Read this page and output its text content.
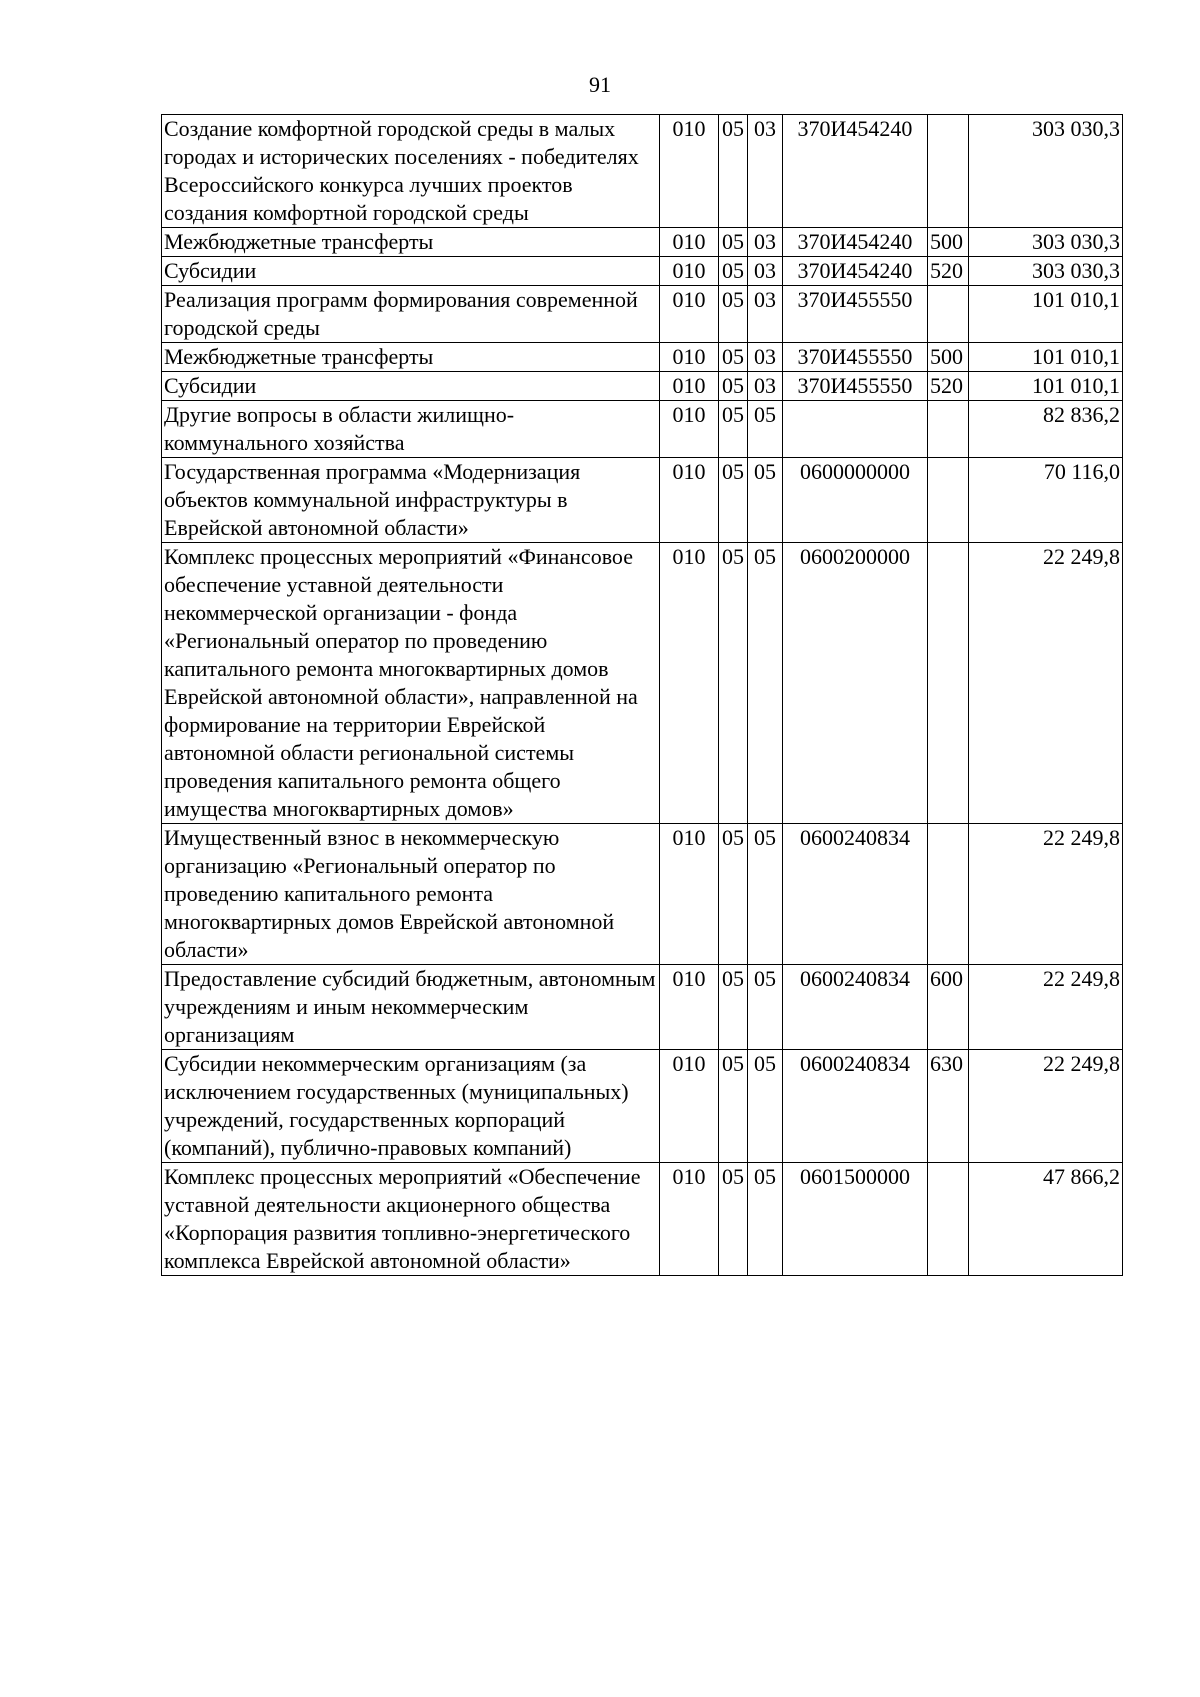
91
Создание комфортной городской среды в малых городах и исторических поселениях - победителях Всероссийского конкурса лучших проектов создания комфортной городской среды	010	05	03	370И454240		303 030,3
Межбюджетные трансферты	010	05	03	370И454240	500	303 030,3
Субсидии	010	05	03	370И454240	520	303 030,3
Реализация программ формирования современной городской среды	010	05	03	370И455550		101 010,1
Межбюджетные трансферты	010	05	03	370И455550	500	101 010,1
Субсидии	010	05	03	370И455550	520	101 010,1
Другие вопросы в области жилищно-коммунального хозяйства	010	05	05			82 836,2
Государственная программа «Модернизация объектов коммунальной инфраструктуры в Еврейской автономной области»	010	05	05	0600000000		70 116,0
Комплекс процессных мероприятий «Финансовое обеспечение уставной деятельности некоммерческой организации - фонда «Региональный оператор по проведению капитального ремонта многоквартирных домов Еврейской автономной области», направленной на формирование на территории Еврейской автономной области региональной системы проведения капитального ремонта общего имущества многоквартирных домов»	010	05	05	0600200000		22 249,8
Имущественный взнос в некоммерческую организацию «Региональный оператор по проведению капитального ремонта многоквартирных домов Еврейской автономной области»	010	05	05	0600240834		22 249,8
Предоставление субсидий бюджетным, автономным учреждениям и иным некоммерческим организациям	010	05	05	0600240834	600	22 249,8
Субсидии некоммерческим организациям (за исключением государственных (муниципальных) учреждений, государственных корпораций (компаний), публично-правовых компаний)	010	05	05	0600240834	630	22 249,8
Комплекс процессных мероприятий «Обеспечение уставной деятельности акционерного общества «Корпорация развития топливно-энергетического комплекса Еврейской автономной области»	010	05	05	0601500000		47 866,2
